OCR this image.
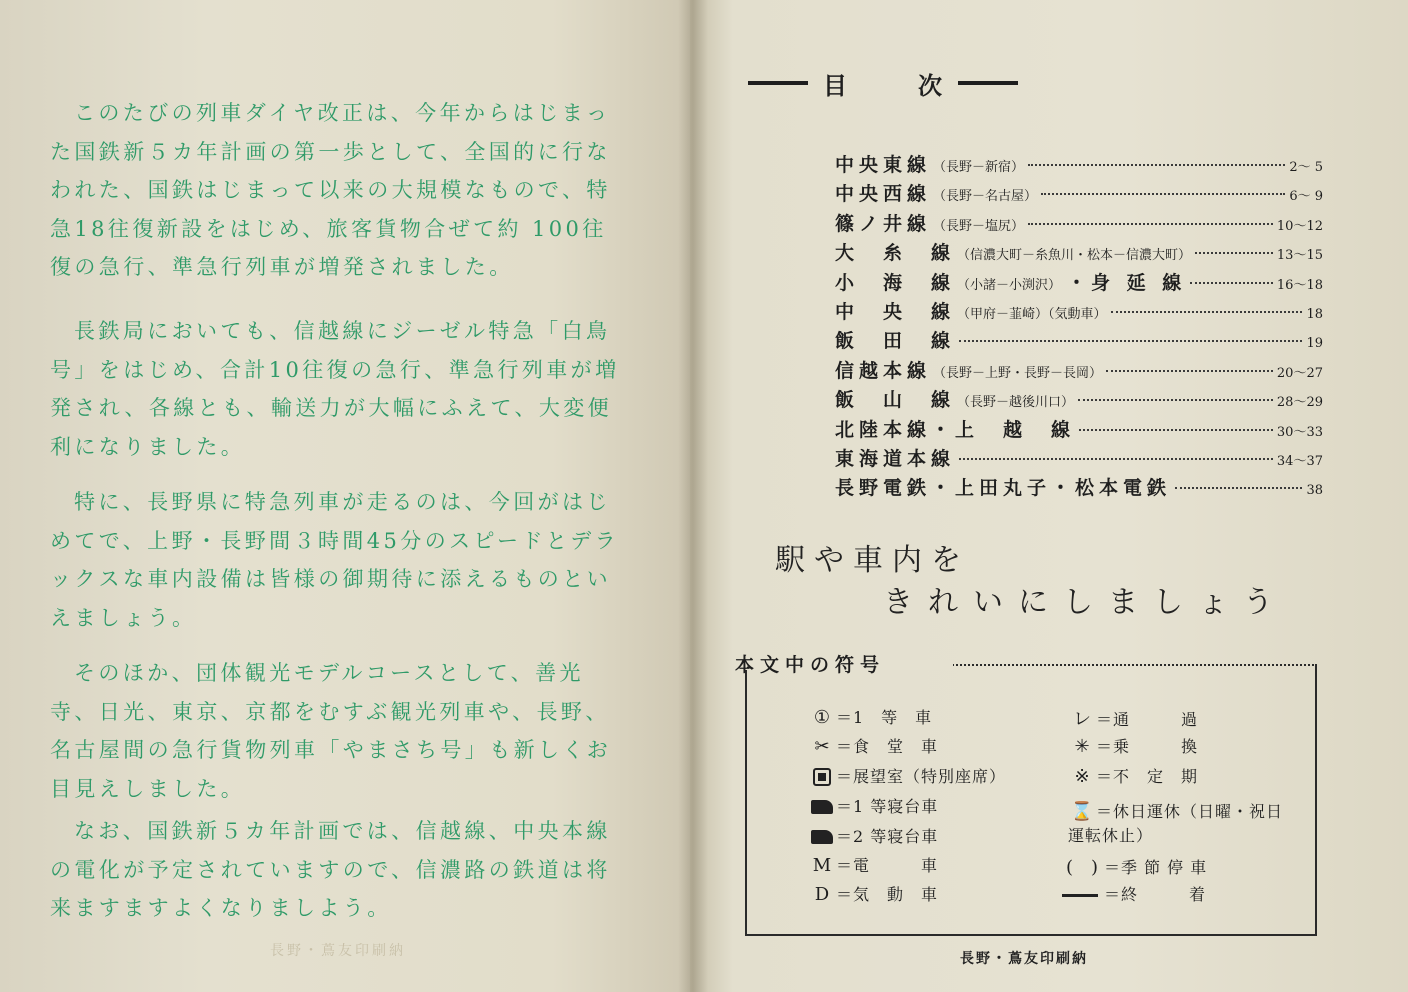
このたびの列車ダイヤ改正は、今年からはじまった国鉄新５カ年計画の第一歩として、全国的に行なわれた、国鉄はじまって以来の大規模なもので、特急18往復新設をはじめ、旅客貨物合ぜて約 100往復の急行、準急行列車が増発されました。

長鉄局においても、信越線にジーゼル特急「白鳥号」をはじめ、合計10往復の急行、準急行列車が増発され、各線とも、輸送力が大幅にふえて、大変便利になりました。

特に、長野県に特急列車が走るのは、今回がはじめてで、上野・長野間３時間45分のスピードとデラックスな車内設備は皆様の御期待に添えるものといえましょう。

そのほか、団体観光モデルコースとして、善光寺、日光、東京、京都をむすぶ観光列車や、長野、名古屋間の急行貨物列車「やまさち号」も新しくお目見えしました。

なお、国鉄新５カ年計画では、信越線、中央本線の電化が予定されていますので、信濃路の鉄道は将来ますますよくなりましよう。

長野・蔦友印刷納
目	次
中央東線 （長野－新宿）	2～ 5
中央西線 （長野－名古屋）	6～ 9
篠ノ井線 （長野－塩尻）	10～12
大　糸　線 （信濃大町－糸魚川・松本－信濃大町）	13～15
小　海　線 （小諸－小渕沢） ・身 延 線	16～18
中　央　線 （甲府－韮崎）（気動車）	18
飯　田　線	19
信越本線 （長野－上野・長野－長岡）	20～27
飯　山　線 （長野－越後川口）	28～29
北陸本線・上　越　線	30～33
東海道本線	34～37
長野電鉄・上田丸子・松本電鉄	38
駅や車内を
きれいにしましょう
本文中の符号
① ＝1　等　車
✂ ＝食　堂　車
＝展望室（特別座席）
＝1 等寝台車
＝2 等寝台車
M ＝電　　　車
D ＝気　動　車
レ ＝通　　　過
✳ ＝乗　　　換
※ ＝不　定　期
⌛ ＝休日運休（日曜・祝日運転休止）
(　) ＝季 節 停 車
＝終　　　着
長野・蔦友印刷納
